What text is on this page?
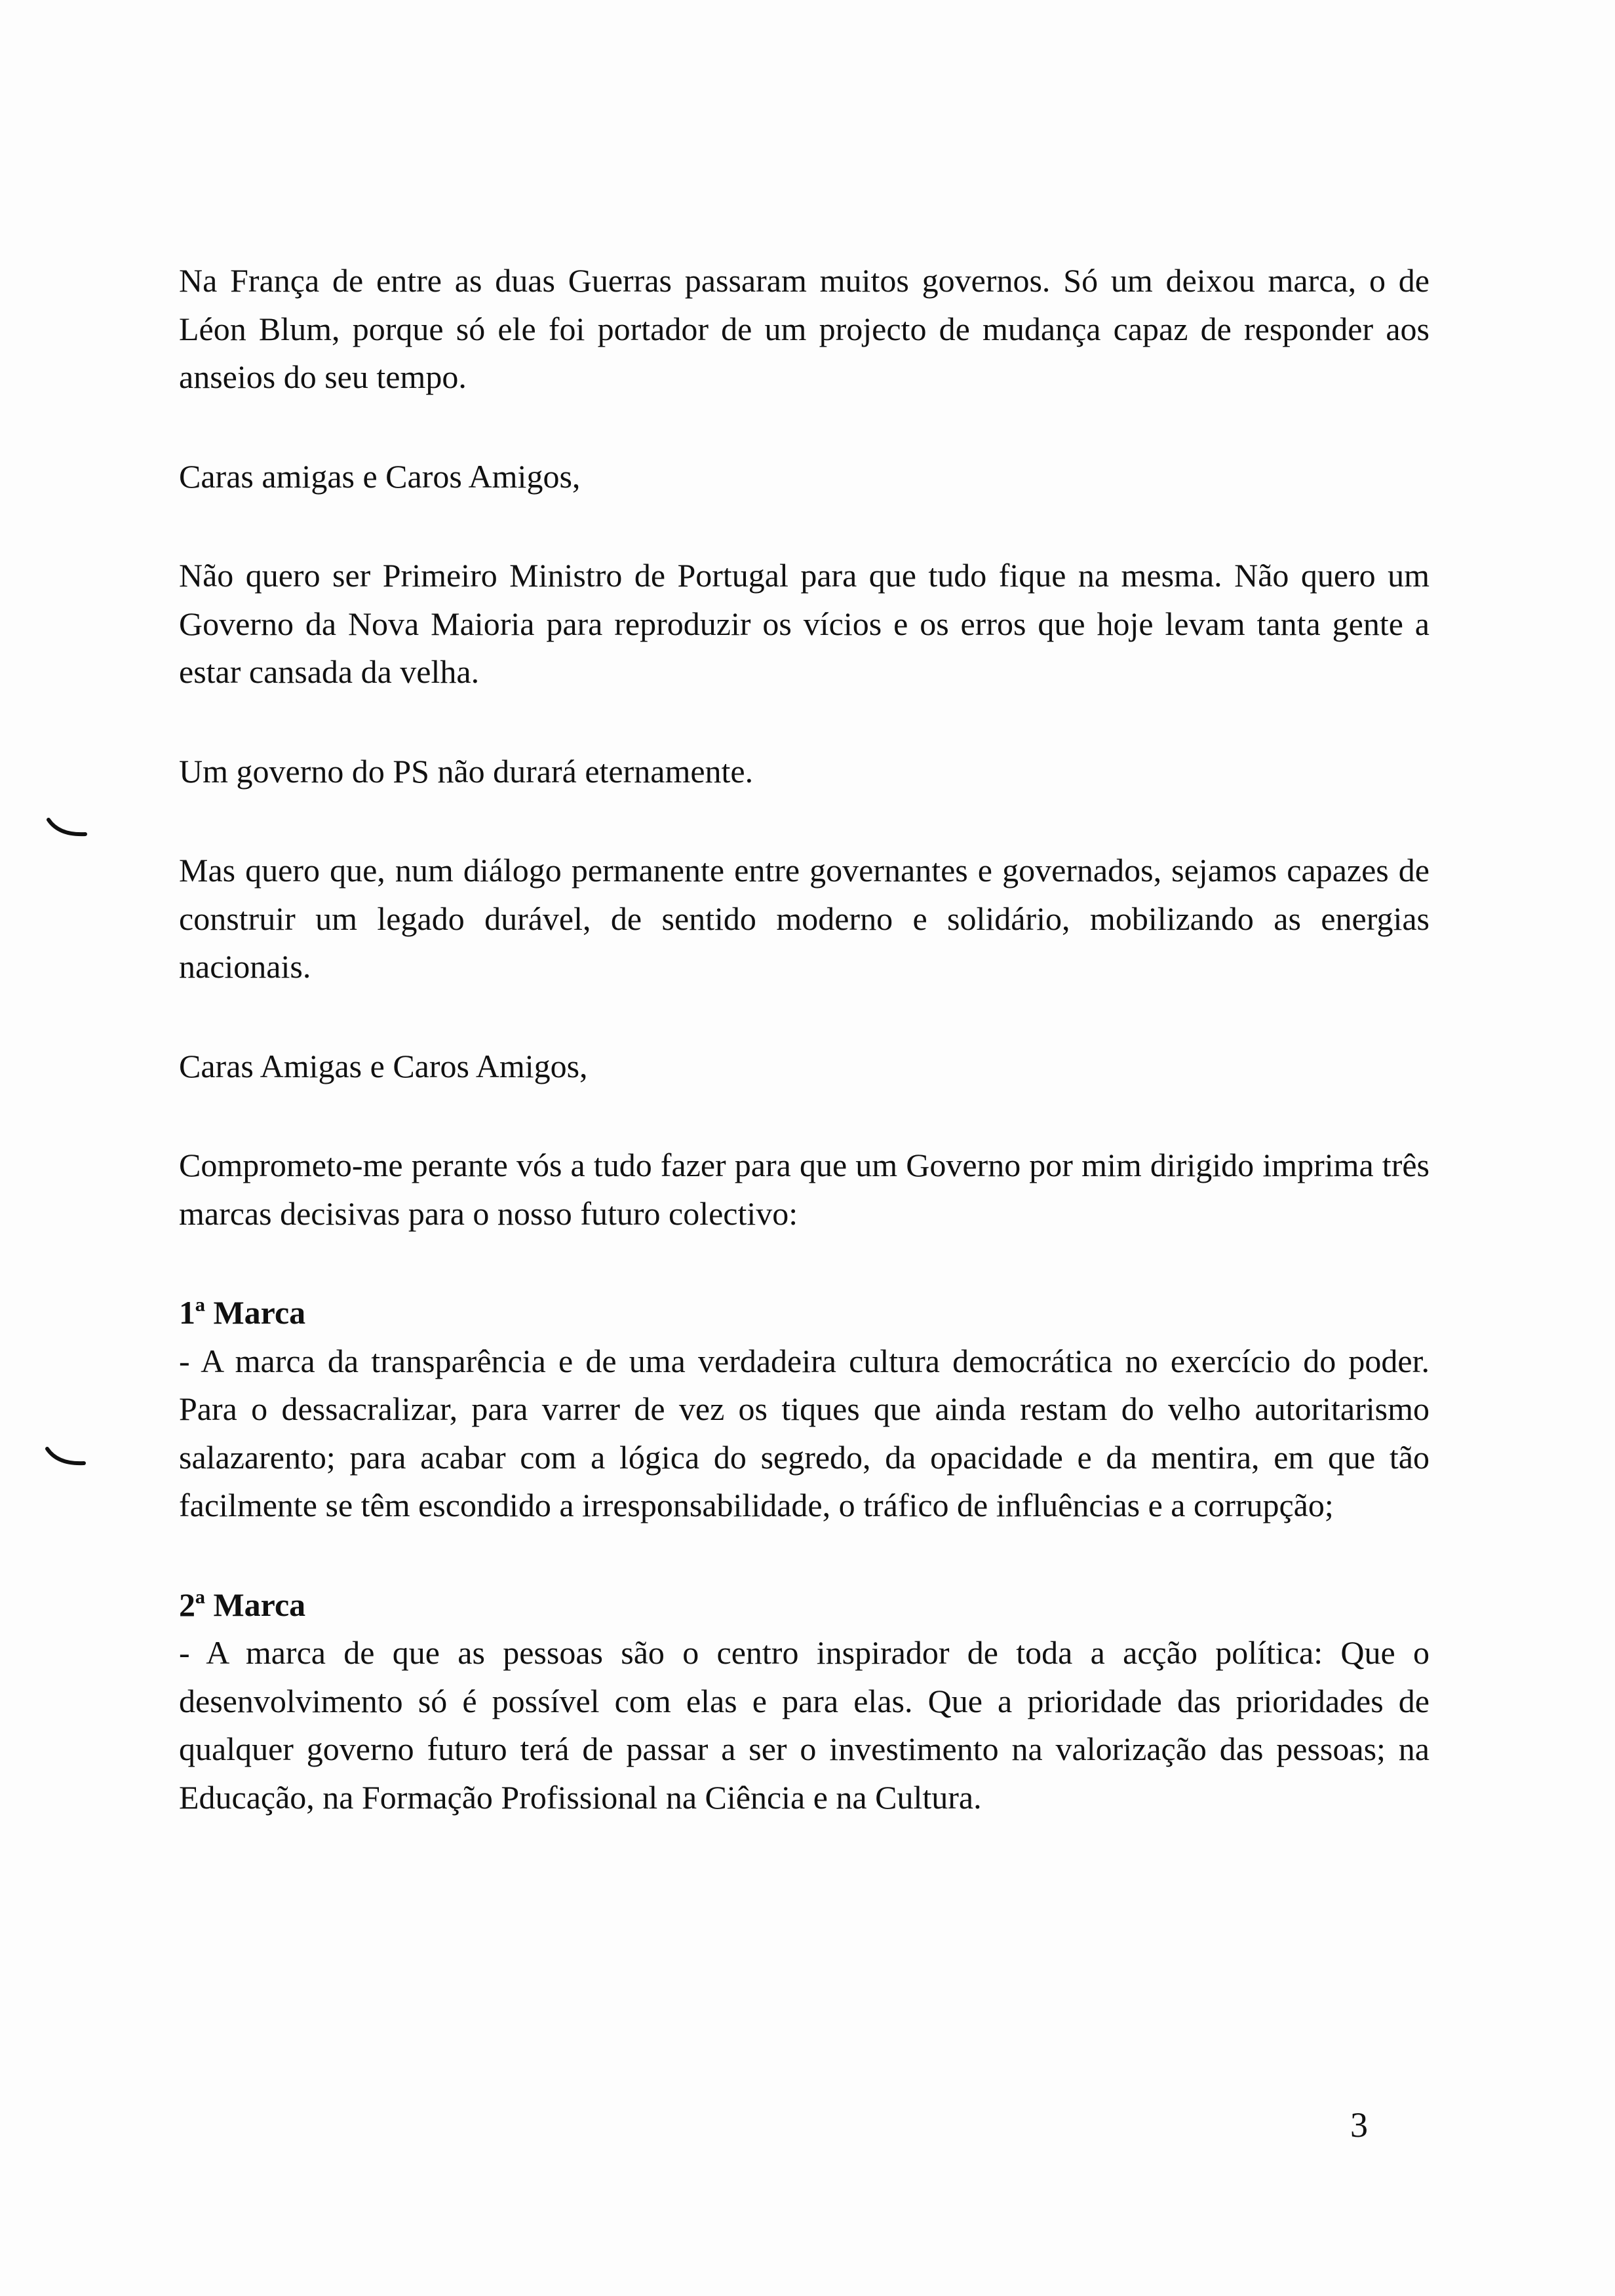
Na França de entre as duas Guerras passaram muitos governos. Só um deixou marca, o de Léon Blum, porque só ele foi portador de um projecto de mudança capaz de responder aos anseios do seu tempo.

Caras amigas e Caros Amigos,

Não quero ser Primeiro Ministro de Portugal para que tudo fique na mesma. Não quero um Governo da Nova Maioria para reproduzir os vícios e os erros que hoje levam tanta gente a estar cansada da velha.

Um governo do PS não durará eternamente.

Mas quero que, num diálogo permanente entre governantes e governados, sejamos capazes de construir um legado durável, de sentido moderno e solidário, mobilizando as energias nacionais.

Caras Amigas e Caros Amigos,

Comprometo-me perante vós a tudo fazer para que um Governo por mim dirigido imprima três marcas decisivas para o nosso futuro colectivo:

1ª Marca

- A marca da transparência e de uma verdadeira cultura democrática no exercício do poder. Para o dessacralizar, para varrer de vez os tiques que ainda restam do velho autoritarismo salazarento; para acabar com a lógica do segredo, da opacidade e da mentira, em que tão facilmente se têm escondido a irresponsabilidade, o tráfico de influências e a corrupção;

2ª Marca

- A marca de que as pessoas são o centro inspirador de toda a acção política: Que o desenvolvimento só é possível com elas e para elas. Que a prioridade das prioridades de qualquer governo futuro terá de passar a ser o investimento na valorização das pessoas; na Educação, na Formação Profissional na Ciência e na Cultura.

3
